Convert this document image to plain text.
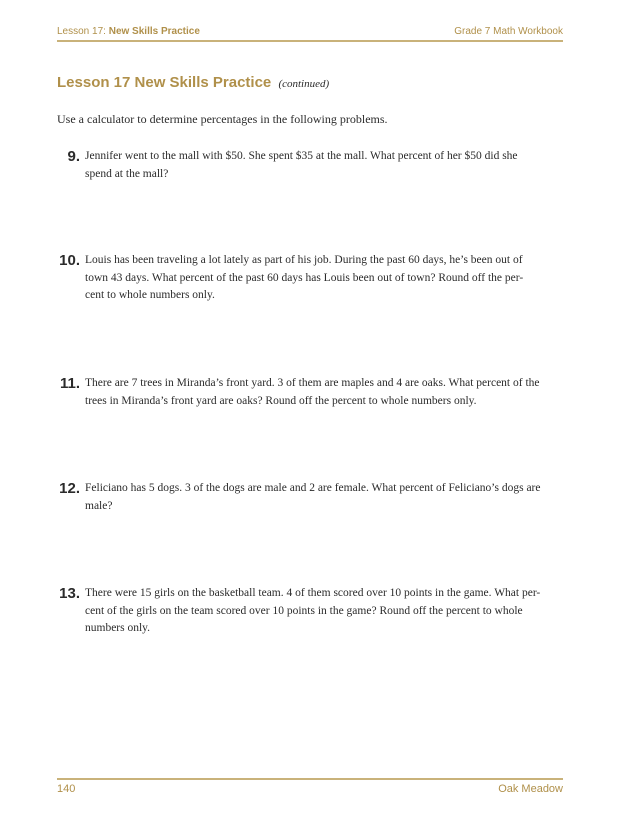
Lesson 17: New Skills Practice	Grade 7 Math Workbook
Lesson 17 New Skills Practice (continued)
Use a calculator to determine percentages in the following problems.
9. Jennifer went to the mall with $50. She spent $35 at the mall. What percent of her $50 did she
spend at the mall?
10. Louis has been traveling a lot lately as part of his job. During the past 60 days, he’s been out of
town 43 days. What percent of the past 60 days has Louis been out of town? Round off the per-
cent to whole numbers only.
11. There are 7 trees in Miranda’s front yard. 3 of them are maples and 4 are oaks. What percent of the
trees in Miranda’s front yard are oaks? Round off the percent to whole numbers only.
12. Feliciano has 5 dogs. 3 of the dogs are male and 2 are female. What percent of Feliciano’s dogs are
male?
13. There were 15 girls on the basketball team. 4 of them scored over 10 points in the game. What per-
cent of the girls on the team scored over 10 points in the game? Round off the percent to whole
numbers only.
140	Oak Meadow
